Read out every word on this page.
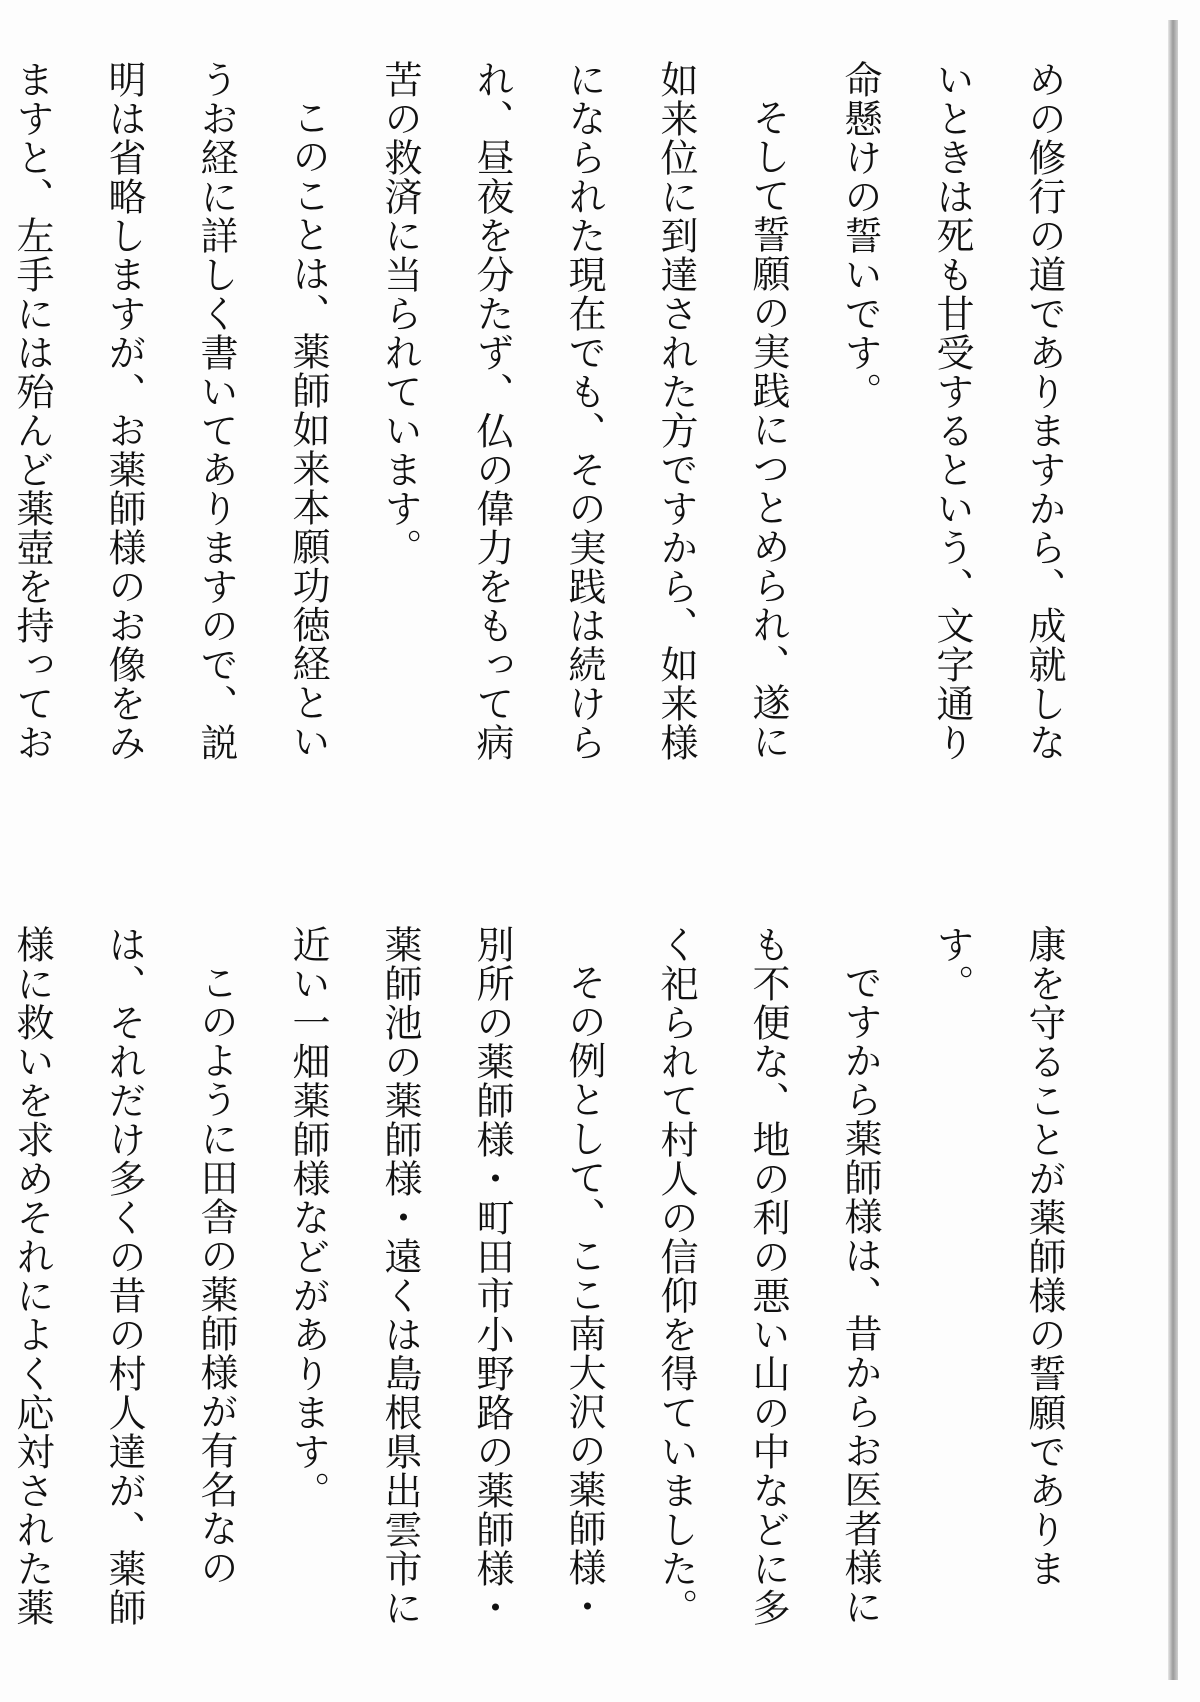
めの修行の道でありますから、成就しないときは死も甘受するという、文字通り命懸けの誓いです。

そして誓願の実践につとめられ、遂に如来位に到達された方ですから、如来様になられた現在でも、その実践は続けられ、昼夜を分たず、仏の偉力をもって病苦の救済に当られています。

このことは、薬師如来本願功徳経というお経に詳しく書いてありますので、説明は省略しますが、お薬師様のお像をみますと、左手には殆んど薬壺を持ってお

康を守ることが薬師様の誓願であります。

ですから薬師様は、昔からお医者様にも不便な、地の利の悪い山の中などに多く祀られて村人の信仰を得ていました。

その例として、ここ南大沢の薬師様・別所の薬師様・町田市小野路の薬師様・薬師池の薬師様・遠くは島根県出雲市に近い一畑薬師様などがあります。

このように田舎の薬師様が有名なのは、それだけ多くの昔の村人達が、薬師様に救いを求めそれによく応対された薬
